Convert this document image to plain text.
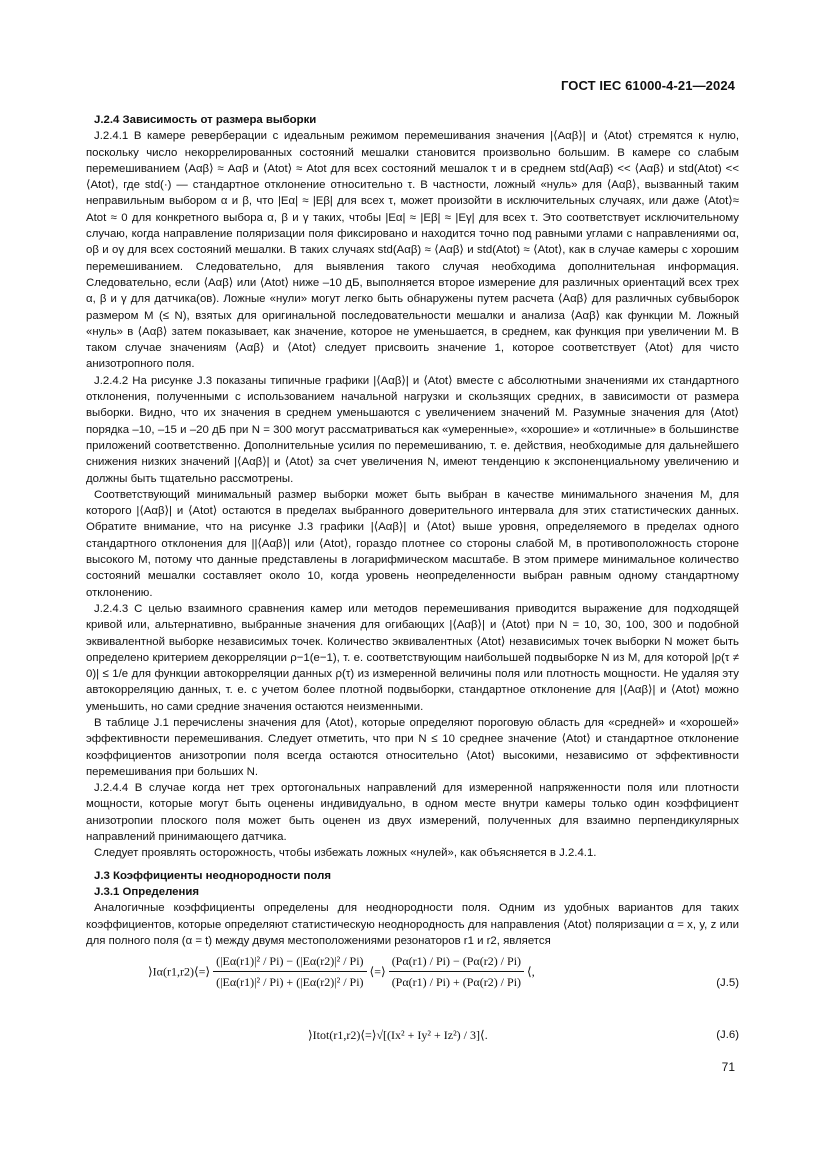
ГОСТ IEC 61000-4-21—2024

J.2.4 Зависимость от размера выборки

J.2.4.1 В камере реверберации с идеальным режимом перемешивания значения |⟨Aαβ⟩| и ⟨Atot⟩ стремятся к нулю, поскольку число некоррелированных состояний мешалки становится произвольно большим. В камере со слабым перемешиванием ⟨Aαβ⟩ ≈ Aαβ и ⟨Atot⟩ ≈ Atot для всех состояний мешалок τ и в среднем std(Aαβ) << ⟨Aαβ⟩ и std(Atot) << ⟨Atot⟩, где std(·) — стандартное отклонение относительно τ. В частности, ложный «нуль» для ⟨Aαβ⟩, вызванный таким неправильным выбором α и β, что |Eα| ≈ |Eβ| для всех τ, может произойти в исключительных случаях, или даже ⟨Atot⟩≈ Atot ≈ 0 для конкретного выбора α, β и γ таких, чтобы |Eα| ≈ |Eβ| ≈ |Eγ| для всех τ. Это соответствует исключительному случаю, когда направление поляризации поля фиксировано и находится точно под равными углами с направлениями оα, оβ и оγ для всех состояний мешалки. В таких случаях std(Aαβ) ≈ ⟨Aαβ⟩ и std(Atot) ≈ ⟨Atot⟩, как в случае камеры с хорошим перемешиванием. Следовательно, для выявления такого случая необходима дополнительная информация. Следовательно, если ⟨Aαβ⟩ или ⟨Atot⟩ ниже –10 дБ, выполняется второе измерение для различных ориентаций всех трех α, β и γ для датчика(ов). Ложные «нули» могут легко быть обнаружены путем расчета ⟨Aαβ⟩ для различных субвыборок размером M (≤ N), взятых для оригинальной последовательности мешалки и анализа ⟨Aαβ⟩ как функции M. Ложный «нуль» в ⟨Aαβ⟩ затем показывает, как значение, которое не уменьшается, в среднем, как функция при увеличении M. В таком случае значениям ⟨Aαβ⟩ и ⟨Atot⟩ следует присвоить значение 1, которое соответствует ⟨Atot⟩ для чисто анизотропного поля.

J.2.4.2 На рисунке J.3 показаны типичные графики |⟨Aαβ⟩| и ⟨Atot⟩ вместе с абсолютными значениями их стандартного отклонения, полученными с использованием начальной нагрузки и скользящих средних, в зависимости от размера выборки. Видно, что их значения в среднем уменьшаются с увеличением значений M. Разумные значения для ⟨Atot⟩ порядка –10, –15 и –20 дБ при N = 300 могут рассматриваться как «умеренные», «хорошие» и «отличные» в большинстве приложений соответственно. Дополнительные усилия по перемешиванию, т. е. действия, необходимые для дальнейшего снижения низких значений |⟨Aαβ⟩| и ⟨Atot⟩ за счет увеличения N, имеют тенденцию к экспоненциальному увеличению и должны быть тщательно рассмотрены.

Соответствующий минимальный размер выборки может быть выбран в качестве минимального значения M, для которого |⟨Aαβ⟩| и ⟨Atot⟩ остаются в пределах выбранного доверительного интервала для этих статистических данных. Обратите внимание, что на рисунке J.3 графики |⟨Aαβ⟩| и ⟨Atot⟩ выше уровня, определяемого в пределах одного стандартного отклонения для ||⟨Aαβ⟩| или ⟨Atot⟩, гораздо плотнее со стороны слабой M, в противоположность стороне высокого M, потому что данные представлены в логарифмическом масштабе. В этом примере минимальное количество состояний мешалки составляет около 10, когда уровень неопределенности выбран равным одному стандартному отклонению.

J.2.4.3 С целью взаимного сравнения камер или методов перемешивания приводится выражение для подходящей кривой или, альтернативно, выбранные значения для огибающих |⟨Aαβ⟩| и ⟨Atot⟩ при N = 10, 30, 100, 300 и подобной эквивалентной выборке независимых точек. Количество эквивалентных ⟨Atot⟩ независимых точек выборки N может быть определено критерием декорреляции ρ−1(e−1), т. е. соответствующим наибольшей подвыборке N из M, для которой |ρ(τ ≠ 0)| ≤ 1/e для функции автокорреляции данных ρ(τ) из измеренной величины поля или плотность мощности. Не удаляя эту автокорреляцию данных, т. е. с учетом более плотной подвыборки, стандартное отклонение для |⟨Aαβ⟩| и ⟨Atot⟩ можно уменьшить, но сами средние значения остаются неизменными.

В таблице J.1 перечислены значения для ⟨Atot⟩, которые определяют пороговую область для «средней» и «хорошей» эффективности перемешивания. Следует отметить, что при N ≤ 10 среднее значение ⟨Atot⟩ и стандартное отклонение коэффициентов анизотропии поля всегда остаются относительно ⟨Atot⟩ высокими, независимо от эффективности перемешивания при больших N.

J.2.4.4 В случае когда нет трех ортогональных направлений для измеренной напряженности поля или плотности мощности, которые могут быть оценены индивидуально, в одном месте внутри камеры только один коэффициент анизотропии плоского поля может быть оценен из двух измерений, полученных для взаимно перпендикулярных направлений принимающего датчика.

Следует проявлять осторожность, чтобы избежать ложных «нулей», как объясняется в J.2.4.1.

J.3 Коэффициенты неоднородности поля

J.3.1 Определения

Аналогичные коэффициенты определены для неоднородности поля. Одним из удобных вариантов для таких коэффициентов, которые определяют статистическую неоднородность для направления ⟨Atot⟩ поляризации α = x, y, z или для полного поля (α = t) между двумя местоположениями резонаторов r1 и r2, является

⟩Iα(r1,r2)⟨=⟩ $\frac{\text{(|Eα(r1)|² / Pi) − (|Eα(r2)|² / Pi)}}{\text{(|Eα(r1)|² / Pi) + (|Eα(r2)|² / Pi)}}$ ⟨=⟩ $\frac{(P\alpha(r1) / Pi) - (P\alpha(r2) / Pi)}{(P\alpha(r1) / Pi) + (P\alpha(r2) / Pi)}$ ⟨,
(J.5)
⟩Itot(r1,r2)⟨=⟩√[(Ix² + Iy² + Iz²) / 3]⟨.	(J.6)
71
